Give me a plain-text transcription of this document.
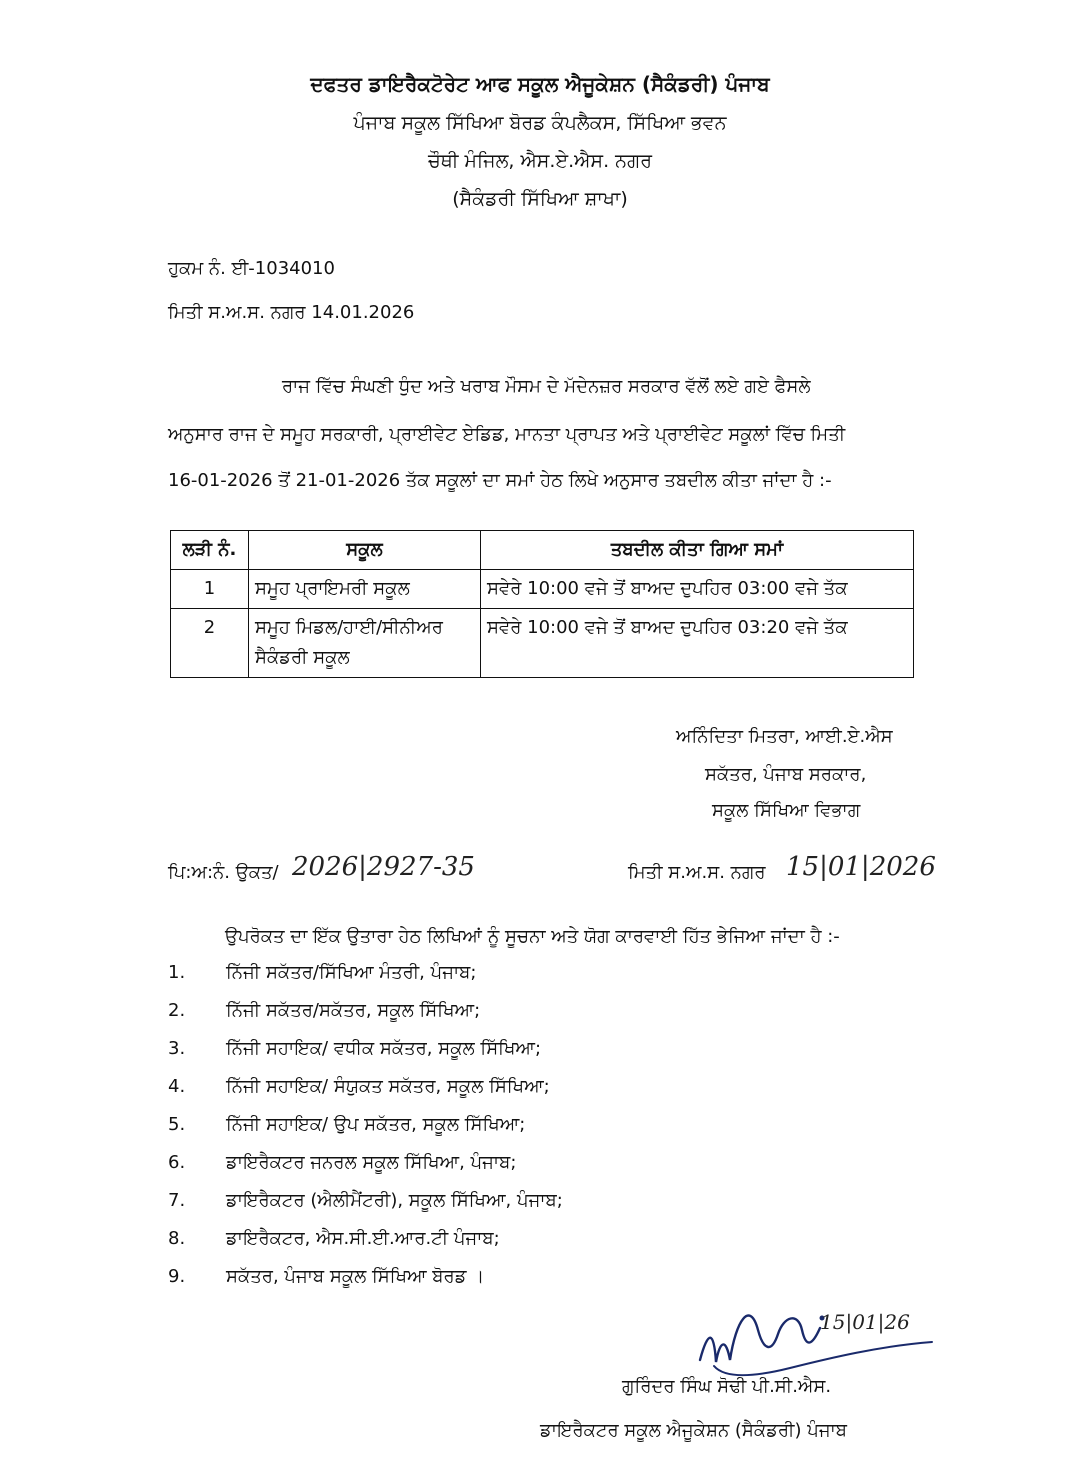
ਦਫਤਰ ਡਾਇਰੈਕਟੋਰੇਟ ਆਫ ਸਕੂਲ ਐਜੂਕੇਸ਼ਨ (ਸੈਕੰਡਰੀ) ਪੰਜਾਬ
ਪੰਜਾਬ ਸਕੂਲ ਸਿੱਖਿਆ ਬੋਰਡ ਕੰਪਲੈਕਸ, ਸਿੱਖਿਆ ਭਵਨ
ਚੌਥੀ ਮੰਜਿਲ, ਐਸ.ਏ.ਐਸ. ਨਗਰ
(ਸੈਕੰਡਰੀ ਸਿੱਖਿਆ ਸ਼ਾਖਾ)
ਹੁਕਮ ਨੰ. ਈ-1034010
ਮਿਤੀ ਸ.ਅ.ਸ. ਨਗਰ 14.01.2026
ਰਾਜ ਵਿੱਚ ਸੰਘਣੀ ਧੁੰਦ ਅਤੇ ਖਰਾਬ ਮੌਸਮ ਦੇ ਮੱਦੇਨਜ਼ਰ ਸਰਕਾਰ ਵੱਲੋਂ ਲਏ ਗਏ ਫੈਸਲੇ
ਅਨੁਸਾਰ ਰਾਜ ਦੇ ਸਮੂਹ ਸਰਕਾਰੀ, ਪ੍ਰਾਈਵੇਟ ਏਡਿਡ, ਮਾਨਤਾ ਪ੍ਰਾਪਤ ਅਤੇ ਪ੍ਰਾਈਵੇਟ ਸਕੂਲਾਂ ਵਿੱਚ ਮਿਤੀ
16-01-2026 ਤੋਂ 21-01-2026 ਤੱਕ ਸਕੂਲਾਂ ਦਾ ਸਮਾਂ ਹੇਠ ਲਿਖੇ ਅਨੁਸਾਰ ਤਬਦੀਲ ਕੀਤਾ ਜਾਂਦਾ ਹੈ :-
ਲੜੀ ਨੰ.	ਸਕੂਲ	ਤਬਦੀਲ ਕੀਤਾ ਗਿਆ ਸਮਾਂ
1	ਸਮੂਹ ਪ੍ਰਾਇਮਰੀ ਸਕੂਲ	ਸਵੇਰੇ 10:00 ਵਜੇ ਤੋਂ ਬਾਅਦ ਦੁਪਹਿਰ 03:00 ਵਜੇ ਤੱਕ
2	ਸਮੂਹ ਮਿਡਲ/ਹਾਈ/ਸੀਨੀਅਰ
ਸੈਕੰਡਰੀ ਸਕੂਲ	ਸਵੇਰੇ 10:00 ਵਜੇ ਤੋਂ ਬਾਅਦ ਦੁਪਹਿਰ 03:20 ਵਜੇ ਤੱਕ
ਅਨਿੰਦਿਤਾ ਮਿਤਰਾ, ਆਈ.ਏ.ਐਸ
ਸਕੱਤਰ, ਪੰਜਾਬ ਸਰਕਾਰ,
ਸਕੂਲ ਸਿੱਖਿਆ ਵਿਭਾਗ
ਪਿ:ਅ:ਨੰ. ਉਕਤ/ 2026|2927-35	ਮਿਤੀ ਸ.ਅ.ਸ. ਨਗਰ 15|01|2026
ਉਪਰੋਕਤ ਦਾ ਇੱਕ ਉਤਾਰਾ ਹੇਠ ਲਿਖਿਆਂ ਨੂੰ ਸੂਚਨਾ ਅਤੇ ਯੋਗ ਕਾਰਵਾਈ ਹਿੱਤ ਭੇਜਿਆ ਜਾਂਦਾ ਹੈ :-
1.	ਨਿੱਜੀ ਸਕੱਤਰ/ਸਿੱਖਿਆ ਮੰਤਰੀ, ਪੰਜਾਬ;
2.	ਨਿੱਜੀ ਸਕੱਤਰ/ਸਕੱਤਰ, ਸਕੂਲ ਸਿੱਖਿਆ;
3.	ਨਿੱਜੀ ਸਹਾਇਕ/ ਵਧੀਕ ਸਕੱਤਰ, ਸਕੂਲ ਸਿੱਖਿਆ;
4.	ਨਿੱਜੀ ਸਹਾਇਕ/ ਸੰਯੁਕਤ ਸਕੱਤਰ, ਸਕੂਲ ਸਿੱਖਿਆ;
5.	ਨਿੱਜੀ ਸਹਾਇਕ/ ਉਪ ਸਕੱਤਰ, ਸਕੂਲ ਸਿੱਖਿਆ;
6.	ਡਾਇਰੈਕਟਰ ਜਨਰਲ ਸਕੂਲ ਸਿੱਖਿਆ, ਪੰਜਾਬ;
7.	ਡਾਇਰੈਕਟਰ (ਐਲੀਮੈਂਟਰੀ), ਸਕੂਲ ਸਿੱਖਿਆ, ਪੰਜਾਬ;
8.	ਡਾਇਰੈਕਟਰ, ਐਸ.ਸੀ.ਈ.ਆਰ.ਟੀ ਪੰਜਾਬ;
9.	ਸਕੱਤਰ, ਪੰਜਾਬ ਸਕੂਲ ਸਿੱਖਿਆ ਬੋਰਡ ।
15|01|26
ਗੁਰਿੰਦਰ ਸਿੰਘ ਸੋਢੀ ਪੀ.ਸੀ.ਐਸ.
ਡਾਇਰੈਕਟਰ ਸਕੂਲ ਐਜੂਕੇਸ਼ਨ (ਸੈਕੰਡਰੀ) ਪੰਜਾਬ
